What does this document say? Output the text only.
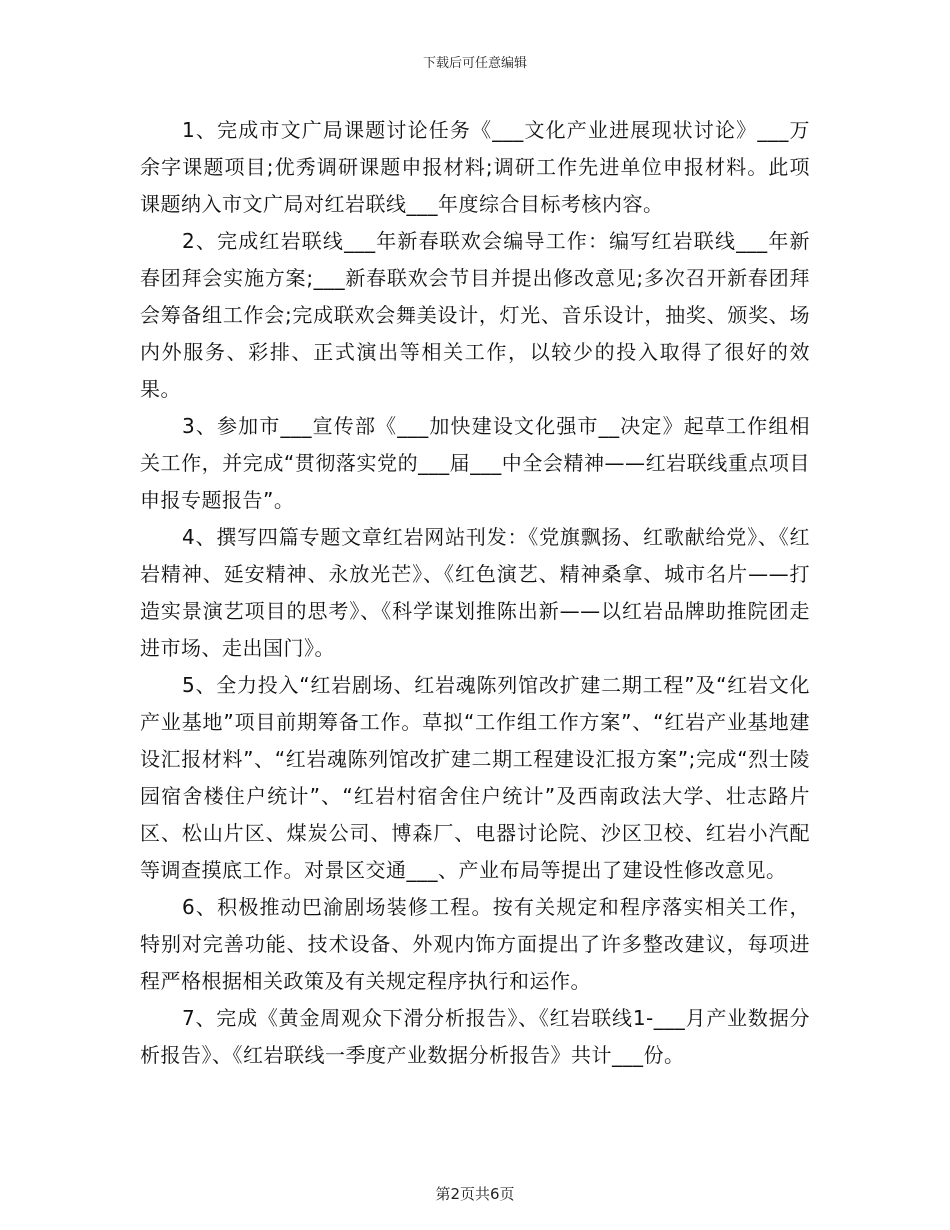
下载后可任意编辑

1、完成市文广局课题讨论任务《___文化产业进展现状讨论》___万余字课题项目;优秀调研课题申报材料;调研工作先进单位申报材料。此项课题纳入市文广局对红岩联线___年度综合目标考核内容。

2、完成红岩联线___年新春联欢会编导工作：编写红岩联线___年新春团拜会实施方案;___新春联欢会节目并提出修改意见;多次召开新春团拜会筹备组工作会;完成联欢会舞美设计，灯光、音乐设计，抽奖、颁奖、场内外服务、彩排、正式演出等相关工作，以较少的投入取得了很好的效果。

3、参加市___宣传部《___加快建设文化强市__决定》起草工作组相关工作，并完成“贯彻落实党的___届___中全会精神——红岩联线重点项目申报专题报告”。

4、撰写四篇专题文章红岩网站刊发：《党旗飘扬、红歌献给党》、《红岩精神、延安精神、永放光芒》、《红色演艺、精神桑拿、城市名片——打造实景演艺项目的思考》、《科学谋划推陈出新——以红岩品牌助推院团走进市场、走出国门》。

5、全力投入“红岩剧场、红岩魂陈列馆改扩建二期工程”及“红岩文化产业基地”项目前期筹备工作。草拟“工作组工作方案”、“红岩产业基地建设汇报材料”、“红岩魂陈列馆改扩建二期工程建设汇报方案”;完成“烈士陵园宿舍楼住户统计”、“红岩村宿舍住户统计”及西南政法大学、壮志路片区、松山片区、煤炭公司、博森厂、电器讨论院、沙区卫校、红岩小汽配等调查摸底工作。对景区交通___、产业布局等提出了建设性修改意见。

6、积极推动巴渝剧场装修工程。按有关规定和程序落实相关工作，特别对完善功能、技术设备、外观内饰方面提出了许多整改建议，每项进程严格根据相关政策及有关规定程序执行和运作。

7、完成《黄金周观众下滑分析报告》、《红岩联线1-___月产业数据分析报告》、《红岩联线一季度产业数据分析报告》共计___份。

第2页共6页
